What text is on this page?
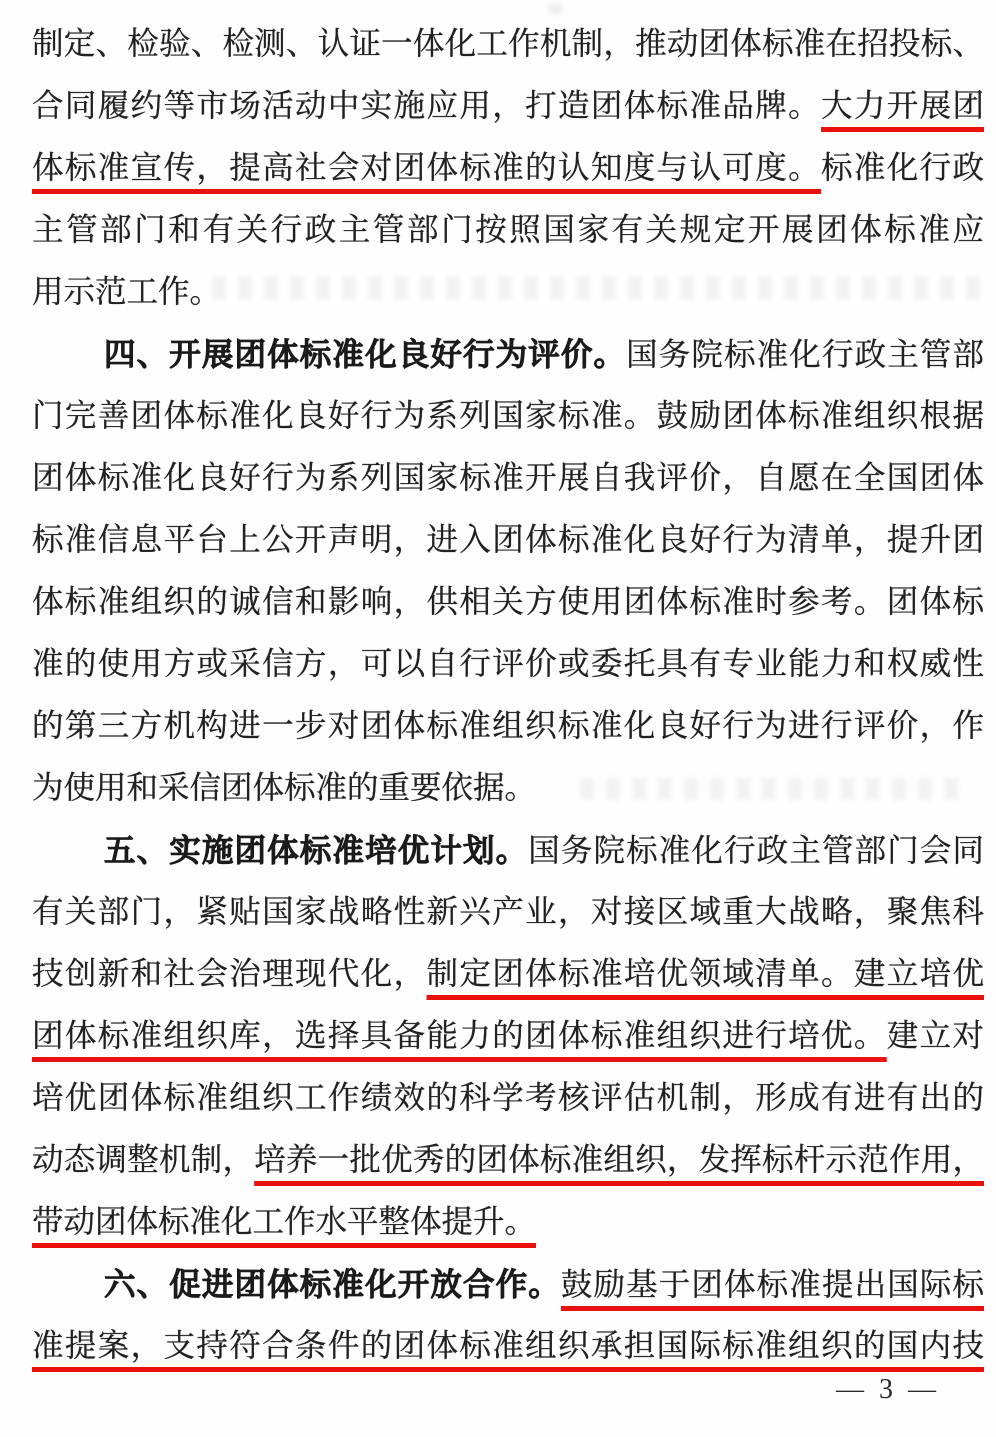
制定、检验、检测、认证一体化工作机制，推动团体标准在招投标、
合同履约等市场活动中实施应用，打造团体标准品牌。大力开展团
体标准宣传，提高社会对团体标准的认知度与认可度。标准化行政
主管部门和有关行政主管部门按照国家有关规定开展团体标准应
用示范工作。
四、开展团体标准化良好行为评价。国务院标准化行政主管部
门完善团体标准化良好行为系列国家标准。鼓励团体标准组织根据
团体标准化良好行为系列国家标准开展自我评价，自愿在全国团体
标准信息平台上公开声明，进入团体标准化良好行为清单，提升团
体标准组织的诚信和影响，供相关方使用团体标准时参考。团体标
准的使用方或采信方，可以自行评价或委托具有专业能力和权威性
的第三方机构进一步对团体标准组织标准化良好行为进行评价，作
为使用和采信团体标准的重要依据。
五、实施团体标准培优计划。国务院标准化行政主管部门会同
有关部门，紧贴国家战略性新兴产业，对接区域重大战略，聚焦科
技创新和社会治理现代化，制定团体标准培优领域清单。建立培优
团体标准组织库，选择具备能力的团体标准组织进行培优。建立对
培优团体标准组织工作绩效的科学考核评估机制，形成有进有出的
动态调整机制，培养一批优秀的团体标准组织，发挥标杆示范作用，
带动团体标准化工作水平整体提升。
六、促进团体标准化开放合作。鼓励基于团体标准提出国际标
准提案，支持符合条件的团体标准组织承担国际标准组织的国内技
— 3 —
